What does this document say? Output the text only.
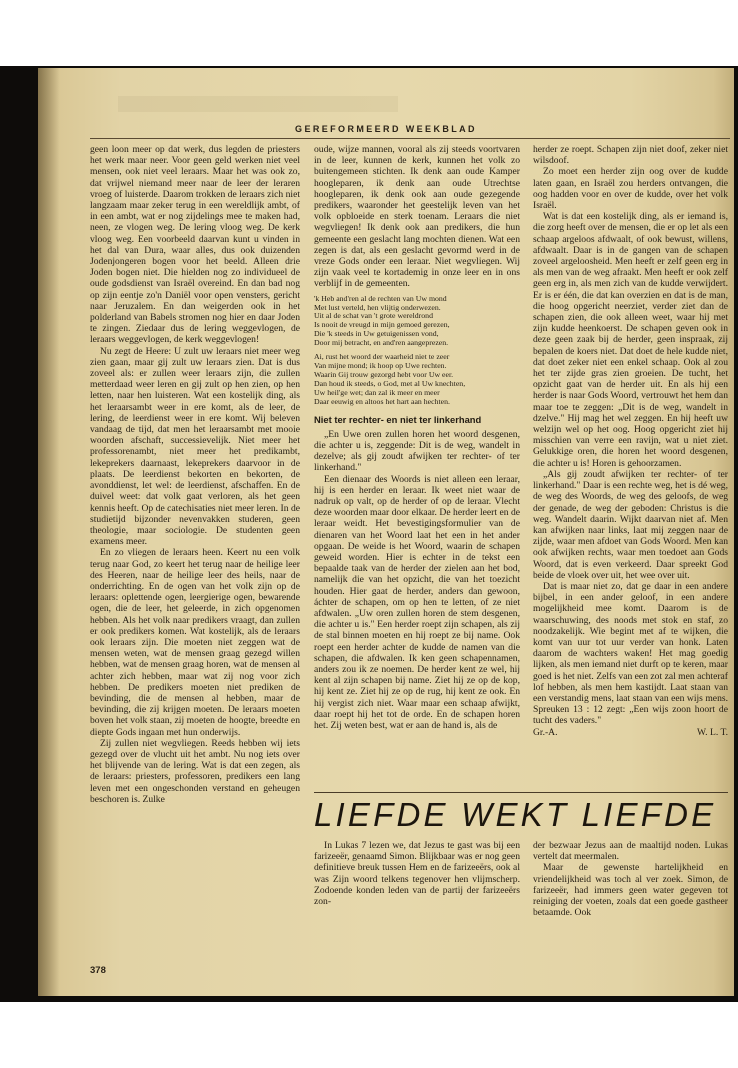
GEREFORMEERD WEEKBLAD

geen loon meer op dat werk, dus legden de priesters het werk maar neer. Voor geen geld werken niet veel mensen, ook niet veel leraars. Maar het was ook zo, dat vrijwel niemand meer naar de leer der leraren vroeg of luisterde. Daarom trokken de leraars zich niet langzaam maar zeker terug in een wereldlijk ambt, of in een ambt, wat er nog zijdelings mee te maken had, neen, ze vlogen weg. De lering vloog weg. De kerk vloog weg. Een voorbeeld daarvan kunt u vinden in het dal van Dura, waar alles, dus ook duizenden Jodenjongeren bogen voor het beeld. Alleen drie Joden bogen niet. Die hielden nog zo individueel de oude godsdienst van Israël overeind. En dan bad nog op zijn eentje zo'n Daniël voor open vensters, gericht naar Jeruzalem. En dan weigerden ook in het polderland van Babels stromen nog hier en daar Joden te zingen. Ziedaar dus de lering weggevlogen, de leraars weggevlogen, de kerk weggevlogen!

Nu zegt de Heere: U zult uw leraars niet meer weg zien gaan, maar gij zult uw leraars zien. Dat is dus zoveel als: er zullen weer leraars zijn, die zullen metterdaad weer leren en gij zult op hen zien, op hen letten, naar hen luisteren. Wat een kostelijk ding, als het leraarsambt weer in ere komt, als de leer, de lering, de leerdienst weer in ere komt. Wij beleven vandaag de tijd, dat men het leraarsambt met mooie woorden afschaft, successievelijk. Niet meer het professorenambt, niet meer het predikambt, lekeprekers daarnaast, lekeprekers daarvoor in de plaats. De leerdienst bekorten en bekorten, de avonddienst, let wel: de leerdienst, afschaffen. En de duivel weet: dat volk gaat verloren, als het geen kennis heeft. Op de catechisaties niet meer leren. In de studietijd bijzonder nevenvakken studeren, geen theologie, maar sociologie. De studenten geen examens meer.

En zo vliegen de leraars heen. Keert nu een volk terug naar God, zo keert het terug naar de heilige leer des Heeren, naar de heilige leer des heils, naar de onderrichting. En de ogen van het volk zijn op de leraars: oplettende ogen, leergierige ogen, bewarende ogen, die de leer, het geleerde, in zich opgenomen hebben. Als het volk naar predikers vraagt, dan zullen er ook predikers komen. Wat kostelijk, als de leraars ook leraars zijn. Die moeten niet zeggen wat de mensen weten, wat de mensen graag gezegd willen hebben, wat de mensen graag horen, wat de mensen al achter zich hebben, maar wat zij nog voor zich hebben. De predikers moeten niet prediken de bevinding, die de mensen al hebben, maar de bevinding, die zij krijgen moeten. De leraars moeten boven het volk staan, zij moeten de hoogte, breedte en diepte Gods ingaan met hun onderwijs.

Zij zullen niet wegvliegen. Reeds hebben wij iets gezegd over de vlucht uit het ambt. Nu nog iets over het blijvende van de lering. Wat is dat een zegen, als de leraars: priesters, professoren, predikers een lang leven met een ongeschonden verstand en geheugen beschoren is. Zulke

oude, wijze mannen, vooral als zij steeds voortvaren in de leer, kunnen de kerk, kunnen het volk zo buitengemeen stichten. Ik denk aan oude Kamper hooglераren, ik denk aan oude Utrechtse hooglераren, ik denk ook aan oude gezegende predikers, waaronder het geestelijk leven van het volk opbloeide en sterk toenam. Leraars die niet wegvliegen! Ik denk ook aan predikers, die hun gemeente een geslacht lang mochten dienen. Wat een zegen is dat, als een geslacht gevormd werd in de vreze Gods onder een leraar. Niet wegvliegen. Wij zijn vaak veel te kortademig in onze leer en in ons verblijf in de gemeenten.

'k Heb and'ren al de rechten van Uw mond
Met lust verteld, hen vlijtig onderwezen.
Uit al de schat van 't grote wereldrond
Is nooit de vreugd in mijn gemoed gerezen,
Die 'k steeds in Uw getuigenissen vond,
Door mij betracht, en and'ren aangeprezen.
Ai, rust het woord der waarheid niet te zeer
Van mijne mond; ik hoop op Uwe rechten.
Waarin Gij trouw gezorgd hebt voor Uw eer.
Dan houd ik steeds, o God, met al Uw knechten,
Uw heil'ge wet; dan zal ik meer en meer
Daar eeuwig en altoos het hart aan hechten.
Niet ter rechter- en niet ter linkerhand

„En Uwe oren zullen horen het woord desgenen, die achter u is, zeggende: Dit is de weg, wandelt in dezelve; als gij zoudt afwijken ter rechter- of ter linkerhand."

Een dienaar des Woords is niet alleen een leraar, hij is een herder en leraar. Ik weet niet waar de nadruk op valt, op de herder of op de leraar. Vlecht deze woorden maar door elkaar. De herder leert en de leraar weidt. Het bevestigingsformulier van de dienaren van het Woord laat het een in het ander opgaan. De weide is het Woord, waarin de schapen geweid worden. Hier is echter in de tekst een bepaalde taak van de herder der zielen aan het bod, namelijk die van het opzicht, die van het toezicht houden. Hier gaat de herder, anders dan gewoon, áchter de schapen, om op hen te letten, of ze niet afdwalen. „Uw oren zullen horen de stem desgenen, die achter u is." Een herder roept zijn schapen, als zij de stal binnen moeten en hij roept ze bij name. Ook roept een herder achter de kudde de namen van die schapen, die afdwalen. Ik ken geen schapennamen, anders zou ik ze noemen. De herder kent ze wel, hij kent al zijn schapen bij name. Ziet hij ze op de kop, hij kent ze. Ziet hij ze op de rug, hij kent ze ook. En hij vergist zich niet. Waar maar een schaap afwijkt, daar roept hij het tot de orde. En de schapen horen het. Zij weten best, wat er aan de hand is, als de

herder ze roept. Schapen zijn niet doof, zeker niet wilsdoof.

Zo moet een herder zijn oog over de kudde laten gaan, en Israël zou herders ontvangen, die oog hadden voor en over de kudde, over het volk Israël.

Wat is dat een kostelijk ding, als er iemand is, die zorg heeft over de mensen, die er op let als een schaap argeloos afdwaalt, of ook bewust, willens, afdwaalt. Daar is in de gangen van de schapen zoveel argeloosheid. Men heeft er zelf geen erg in als men van de weg afraakt. Men heeft er ook zelf geen erg in, als men zich van de kudde verwijdert. Er is er één, die dat kan overzien en dat is de man, die hoog opgericht neerziet, verder ziet dan de schapen zien, die ook alleen weet, waar hij met zijn kudde heenkoerst. De schapen geven ook in deze geen zaak bij de herder, geen inspraak, zij bepalen de koers niet. Dat doet de hele kudde niet, dat doet zeker niet een enkel schaap. Ook al zou het ter zijde gras zien groeien. De tucht, het opzicht gaat van de herder uit. En als hij een herder is naar Gods Woord, vertrouwt het hem dan maar toe te zeggen: „Dit is de weg, wandelt in dzelve." Hij mag het wel zeggen. En hij heeft uw welzijn wel op het oog. Hoog opgericht ziet hij misschien van verre een ravijn, wat u niet ziet. Gelukkige oren, die horen het woord desgenen, die achter u is! Horen is gehoorzamen.

„Als gij zoudt afwijken ter rechter- of ter linkerhand." Daar is een rechte weg, het is dé weg, de weg des Woords, de weg des geloofs, de weg der genade, de weg der geboden: Christus is die weg. Wandelt daarin. Wijkt daarvan niet af. Men kan afwijken naar links, laat mij zeggen naar de zijde, waar men afdoet van Gods Woord. Men kan ook afwijken rechts, waar men toedoet aan Gods Woord, dat is even verkeerd. Daar spreekt God beide de vloek over uit, het wee over uit.

Dat is maar niet zo, dat ge daar in een andere bijbel, in een ander geloof, in een andere mogelijkheid mee komt. Daarom is de waarschuwing, des noods met stok en staf, zo noodzakelijk. Wie begint met af te wijken, die komt van uur tot uur verder van honk. Laten daarom de wachters waken! Het mag goedig lijken, als men iemand niet durft op te keren, maar goed is het niet. Zelfs van een zot zal men achteraf lof hebben, als men hem kastijdt. Laat staan van een verstandig mens, laat staan van een wijs mens. Spreuken 13 : 12 zegt: „Een wijs zoon hoort de tucht des vaders."

Gr.-A.	W. L. T.
LIEFDE WEKT LIEFDE

In Lukas 7 lezen we, dat Jezus te gast was bij een farizeeër, genaamd Simon. Blijkbaar was er nog geen definitieve breuk tussen Hem en de farizeeërs, ook al was Zijn woord telkens tegenover hen vlijmscherp. Zodoende konden leden van de partij der farizeeërs zon-

der bezwaar Jezus aan de maaltijd noden. Lukas vertelt dat meermalen.

Maar de gewenste hartelijkheid en vriendelijkheid was toch al ver zoek. Simon, de farizeeër, had immers geen water gegeven tot reiniging der voeten, zoals dat een goede gastheer betaamde. Ook

378
